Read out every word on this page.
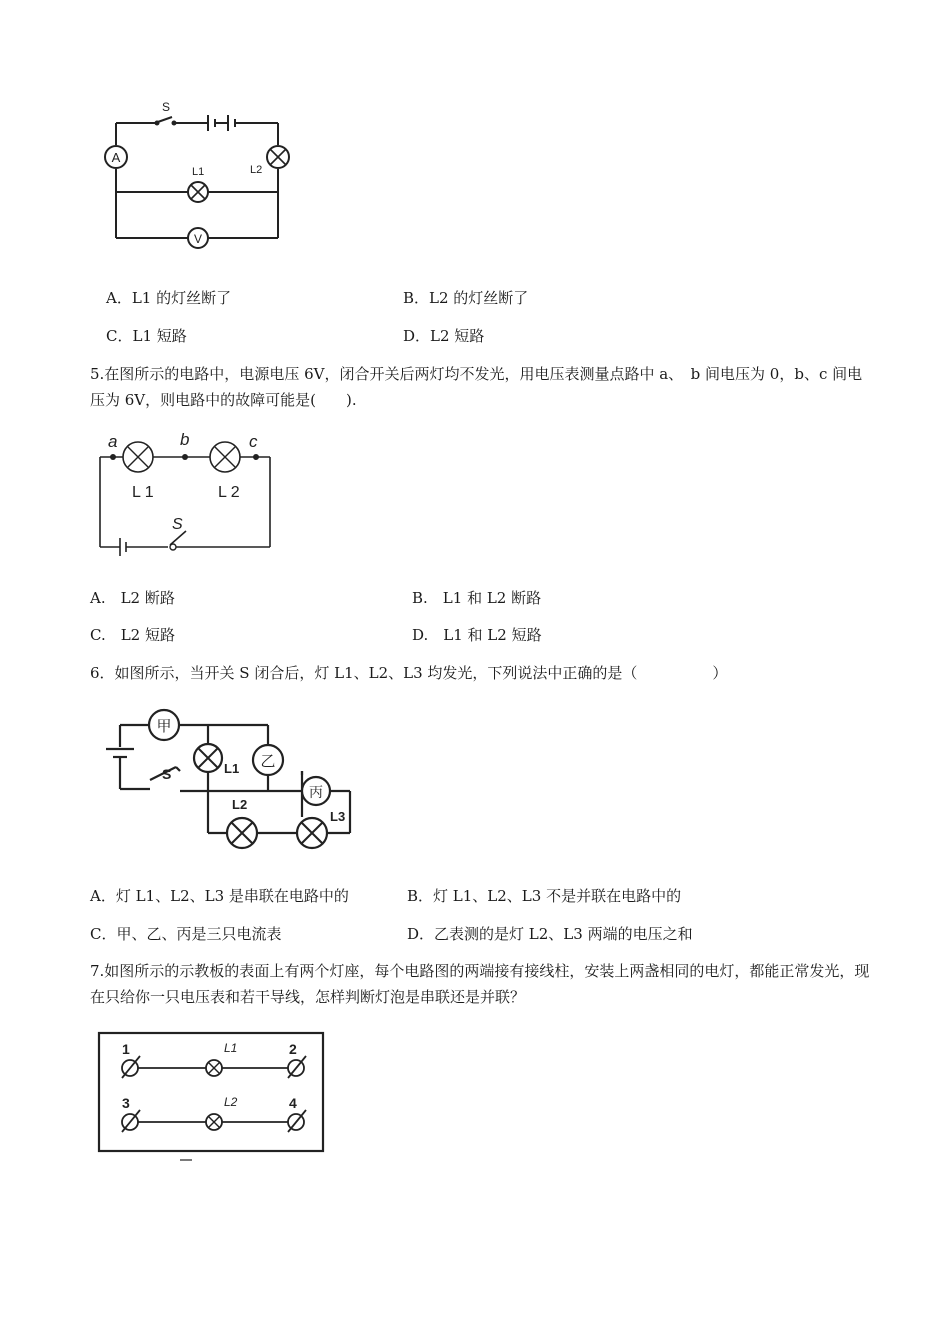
A
V
S
L1	L2
A．L1 的灯丝断了	B．L2 的灯丝断了
C．L1 短路	D．L2 短路
5.在图所示的电路中，电源电压 6V，闭合开关后两灯均不发光，用电压表测量点路中 a、　b 间电压为 0，b、c 间电压为 6V，则电路中的故障可能是(　　).
a	b	c
L 1	L 2
S
A.　L2 断路	B.　L1 和 L2 断路
C.　L2 短路	D.　L1 和 L2 短路
6．如图所示，当开关 S 闭合后，灯 L1、L2、L3 均发光，下列说法中正确的是（　　　　　）
甲
乙
丙
S	L1
L2
L3
A．灯 L1、L2、L3 是串联在电路中的	B．灯 L1、L2、L3 不是并联在电路中的
C．甲、乙、丙是三只电流表	D．乙表测的是灯 L2、L3 两端的电压之和
7.如图所示的示教板的表面上有两个灯座，每个电路图的两端接有接线柱，安装上两盏相同的电灯，都能正常发光，现在只给你一只电压表和若干导线，怎样判断灯泡是串联还是并联？
1	2
3	4
L1
L2
